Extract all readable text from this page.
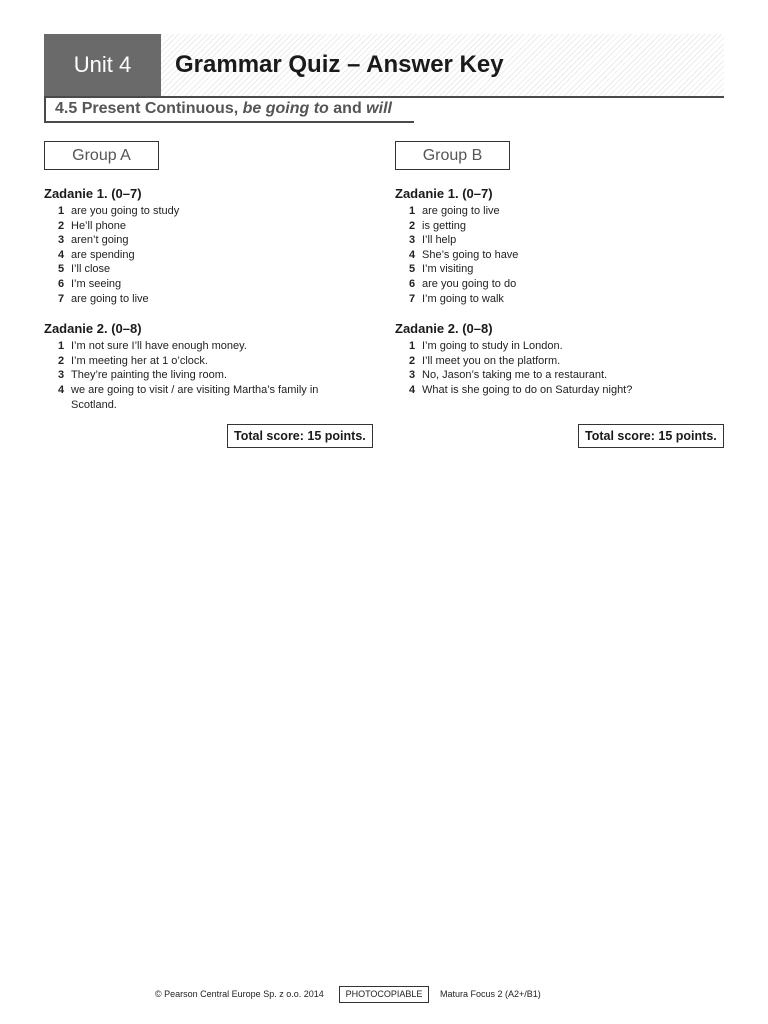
Unit 4	Grammar Quiz – Answer Key
4.5 Present Continuous, be going to and will
Group A
Zadanie 1. (0–7)
1 are you going to study
2 He’ll phone
3 aren’t going
4 are spending
5 I’ll close
6 I’m seeing
7 are going to live
Zadanie 2. (0–8)
1 I’m not sure I’ll have enough money.
2 I’m meeting her at 1 o’clock.
3 They’re painting the living room.
4 we are going to visit / are visiting Martha’s family in Scotland.
Total score: 15 points.
Group B
Zadanie 1. (0–7)
1 are going to live
2 is getting
3 I’ll help
4 She’s going to have
5 I’m visiting
6 are you going to do
7 I’m going to walk
Zadanie 2. (0–8)
1 I’m going to study in London.
2 I’ll meet you on the platform.
3 No, Jason’s taking me to a restaurant.
4 What is she going to do on Saturday night?
Total score: 15 points.
© Pearson Central Europe Sp. z o.o. 2014	PHOTOCOPIABLE	Matura Focus 2 (A2+/B1)
